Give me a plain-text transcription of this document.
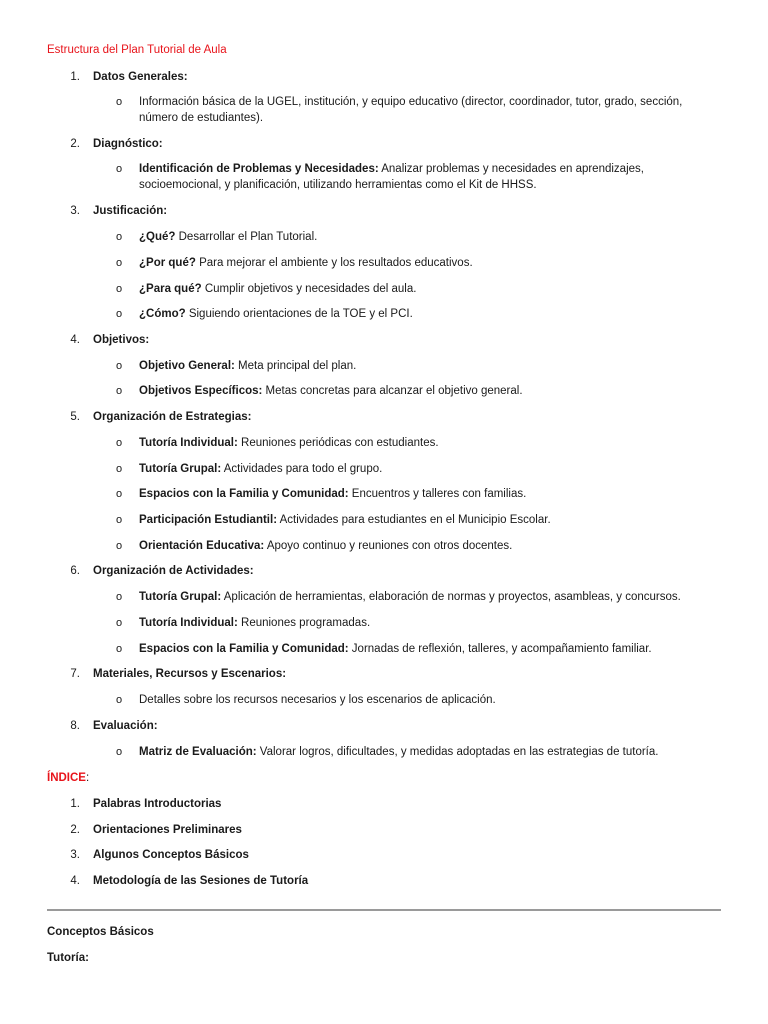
Estructura del Plan Tutorial de Aula
1. Datos Generales:
o Información básica de la UGEL, institución, y equipo educativo (director, coordinador, tutor, grado, sección, número de estudiantes).
2. Diagnóstico:
o Identificación de Problemas y Necesidades: Analizar problemas y necesidades en aprendizajes, socioemocional, y planificación, utilizando herramientas como el Kit de HHSS.
3. Justificación:
o ¿Qué? Desarrollar el Plan Tutorial.
o ¿Por qué? Para mejorar el ambiente y los resultados educativos.
o ¿Para qué? Cumplir objetivos y necesidades del aula.
o ¿Cómo? Siguiendo orientaciones de la TOE y el PCI.
4. Objetivos:
o Objetivo General: Meta principal del plan.
o Objetivos Específicos: Metas concretas para alcanzar el objetivo general.
5. Organización de Estrategias:
o Tutoría Individual: Reuniones periódicas con estudiantes.
o Tutoría Grupal: Actividades para todo el grupo.
o Espacios con la Familia y Comunidad: Encuentros y talleres con familias.
o Participación Estudiantil: Actividades para estudiantes en el Municipio Escolar.
o Orientación Educativa: Apoyo continuo y reuniones con otros docentes.
6. Organización de Actividades:
o Tutoría Grupal: Aplicación de herramientas, elaboración de normas y proyectos, asambleas, y concursos.
o Tutoría Individual: Reuniones programadas.
o Espacios con la Familia y Comunidad: Jornadas de reflexión, talleres, y acompañamiento familiar.
7. Materiales, Recursos y Escenarios:
o Detalles sobre los recursos necesarios y los escenarios de aplicación.
8. Evaluación:
o Matriz de Evaluación: Valorar logros, dificultades, y medidas adoptadas en las estrategias de tutoría.
ÍNDICE:
1. Palabras Introductorias
2. Orientaciones Preliminares
3. Algunos Conceptos Básicos
4. Metodología de las Sesiones de Tutoría
Conceptos Básicos
Tutoría:
